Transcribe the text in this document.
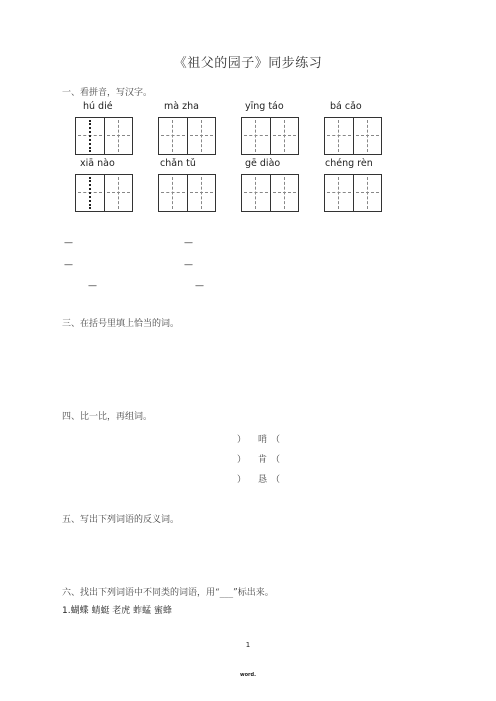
《祖父的园子》同步练习
一、看拼音，写汉字。
hú dié	mà zha	yīng táo	bá cǎo
xiā nào	chǎn tǔ	gē diào	chéng rèn
—	—
—	—
—	—
三、在括号里填上恰当的词。
四、比一比，再组词。
） 哨 （
） 肯 （
） 恳 （
五、写出下列词语的反义词。
六、找出下列词语中不同类的词语，用“___”标出来。
1.蝴蝶 蜻蜓 老虎 蚱蜢 蜜蜂
1
word.
